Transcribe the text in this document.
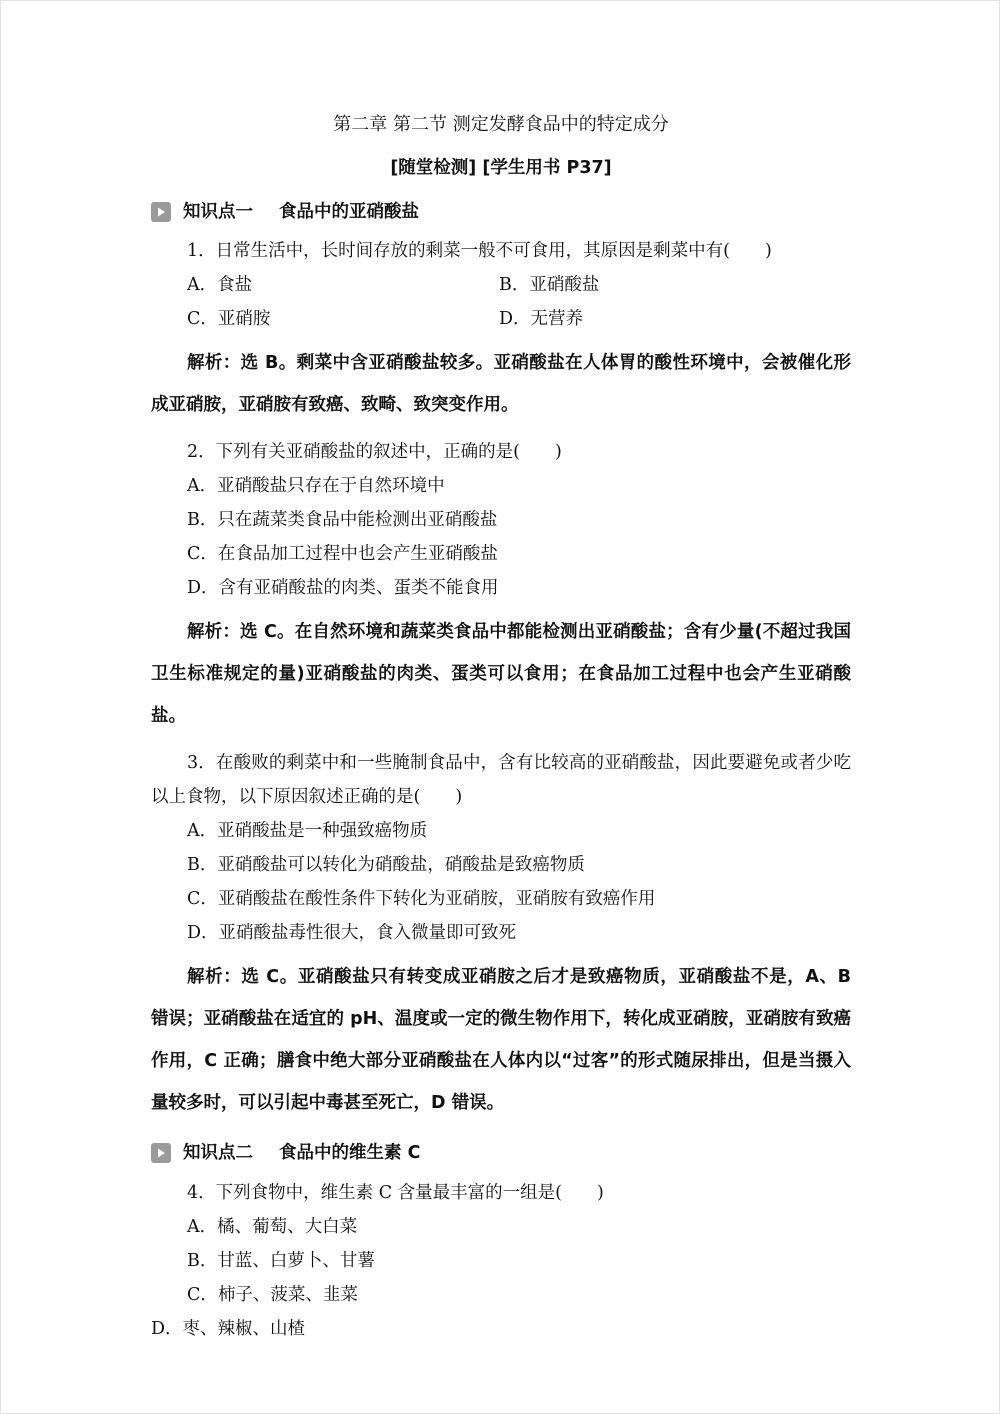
第二章 第二节 测定发酵食品中的特定成分
[随堂检测] [学生用书 P37]
知识点一 食品中的亚硝酸盐

1．日常生活中，长时间存放的剩菜一般不可食用，其原因是剩菜中有(　　)

A．食盐	B．亚硝酸盐
C．亚硝胺	D．无营养

解析：选 B。剩菜中含亚硝酸盐较多。亚硝酸盐在人体胃的酸性环境中，会被催化形成亚硝胺，亚硝胺有致癌、致畸、致突变作用。

2．下列有关亚硝酸盐的叙述中，正确的是(　　)

A．亚硝酸盐只存在于自然环境中
B．只在蔬菜类食品中能检测出亚硝酸盐
C．在食品加工过程中也会产生亚硝酸盐
D．含有亚硝酸盐的肉类、蛋类不能食用

解析：选 C。在自然环境和蔬菜类食品中都能检测出亚硝酸盐；含有少量(不超过我国卫生标准规定的量)亚硝酸盐的肉类、蛋类可以食用；在食品加工过程中也会产生亚硝酸盐。

3．在酸败的剩菜中和一些腌制食品中，含有比较高的亚硝酸盐，因此要避免或者少吃以上食物，以下原因叙述正确的是(　　)

A．亚硝酸盐是一种强致癌物质
B．亚硝酸盐可以转化为硝酸盐，硝酸盐是致癌物质
C．亚硝酸盐在酸性条件下转化为亚硝胺，亚硝胺有致癌作用
D．亚硝酸盐毒性很大，食入微量即可致死

解析：选 C。亚硝酸盐只有转变成亚硝胺之后才是致癌物质，亚硝酸盐不是，A、B 错误；亚硝酸盐在适宜的 pH、温度或一定的微生物作用下，转化成亚硝胺，亚硝胺有致癌作用，C 正确；膳食中绝大部分亚硝酸盐在人体内以“过客”的形式随尿排出，但是当摄入量较多时，可以引起中毒甚至死亡，D 错误。

知识点二 食品中的维生素 C

4．下列食物中，维生素 C 含量最丰富的一组是(　　)

A．橘、葡萄、大白菜
B．甘蓝、白萝卜、甘薯
C．柿子、菠菜、韭菜
D．枣、辣椒、山楂
